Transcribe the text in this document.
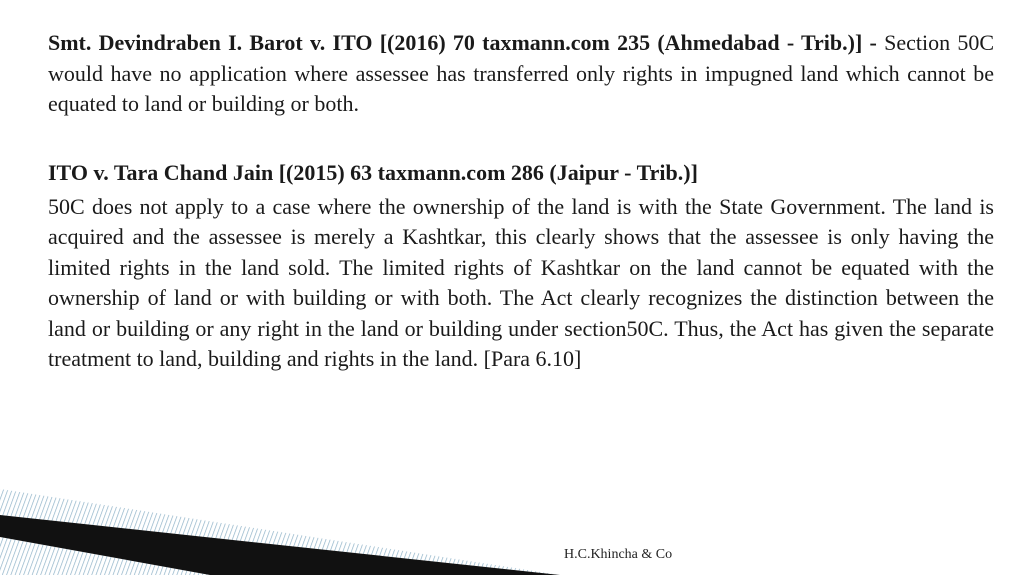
Smt. Devindraben I. Barot v. ITO [(2016) 70 taxmann.com 235 (Ahmedabad - Trib.)] - Section 50C would have no application where assessee has transferred only rights in impugned land which cannot be equated to land or building or both.

ITO v. Tara Chand Jain [(2015) 63 taxmann.com 286 (Jaipur - Trib.)]

50C does not apply to a case where the ownership of the land is with the State Government. The land is acquired and the assessee is merely a Kashtkar, this clearly shows that the assessee is only having the limited rights in the land sold. The limited rights of Kashtkar on the land cannot be equated with the ownership of land or with building or with both. The Act clearly recognizes the distinction between the land or building or any right in the land or building under section50C. Thus, the Act has given the separate treatment to land, building and rights in the land. [Para 6.10]

H.C.Khincha & Co
